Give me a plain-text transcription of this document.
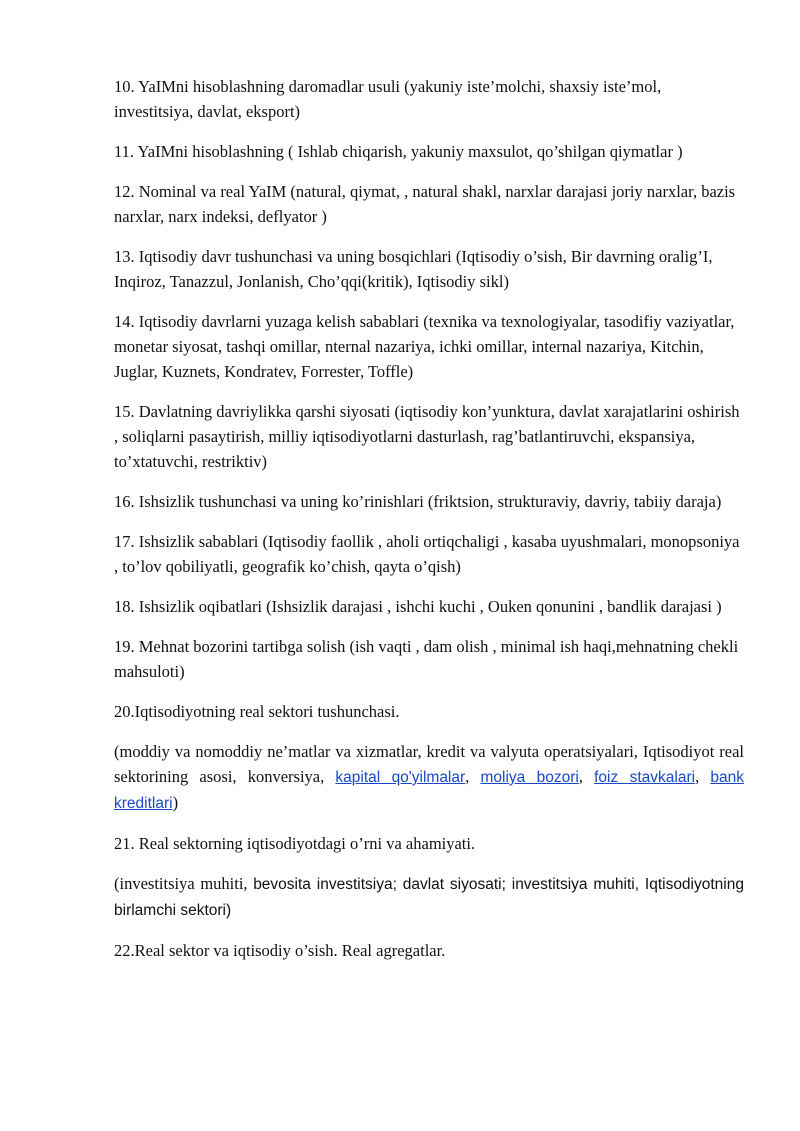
10. YaIMni hisoblashning daromadlar usuli (yakuniy iste’molchi, shaxsiy iste’mol, investitsiya, davlat, eksport)

11. YaIMni hisoblashning ( Ishlab chiqarish, yakuniy maxsulot, qo’shilgan qiymatlar )

12. Nominal va real YaIM (natural, qiymat, , natural shakl, narxlar darajasi joriy narxlar, bazis narxlar, narx indeksi, deflyator )

13. Iqtisodiy davr tushunchasi va uning bosqichlari (Iqtisodiy o’sish, Bir davrning oralig’I, Inqiroz, Tanazzul, Jonlanish, Cho’qqi(kritik), Iqtisodiy sikl)

14. Iqtisodiy davrlarni yuzaga kelish sabablari (texnika va texnologiyalar, tasodifiy vaziyatlar, monetar siyosat, tashqi omillar, nternal nazariya, ichki omillar, internal nazariya, Kitchin, Juglar, Kuznets, Kondratev, Forrester, Toffle)

15. Davlatning davriylikka qarshi siyosati (iqtisodiy kon’yunktura, davlat xarajatlarini oshirish , soliqlarni pasaytirish, milliy iqtisodiyotlarni dasturlash, rag’batlantiruvchi, ekspansiya, to’xtatuvchi, restriktiv)

16. Ishsizlik tushunchasi va uning ko’rinishlari (friktsion, strukturaviy, davriy, tabiiy daraja)

17. Ishsizlik sabablari (Iqtisodiy faollik , aholi ortiqchaligi , kasaba uyushmalari, monopsoniya , to’lov qobiliyatli, geografik ko’chish, qayta o’qish)

18. Ishsizlik oqibatlari (Ishsizlik darajasi , ishchi kuchi , Ouken qonunini , bandlik darajasi )

19. Mehnat bozorini tartibga solish (ish vaqti , dam olish , minimal ish haqi,mehnatning chekli mahsuloti)

20.Iqtisodiyotning real sektori tushunchasi.

(moddiy va nomoddiy ne’matlar va xizmatlar, kredit va valyuta operatsiyalari, Iqtisodiyot real sektorining asosi, konversiya, kapital qo'yilmalar, moliya bozori, foiz stavkalari, bank kreditlari)

21. Real sektorning iqtisodiyotdagi o’rni va ahamiyati.

(investitsiya muhiti, bevosita investitsiya; davlat siyosati; investitsiya muhiti, Iqtisodiyotning birlamchi sektori)

22.Real sektor va iqtisodiy o’sish. Real agregatlar.
